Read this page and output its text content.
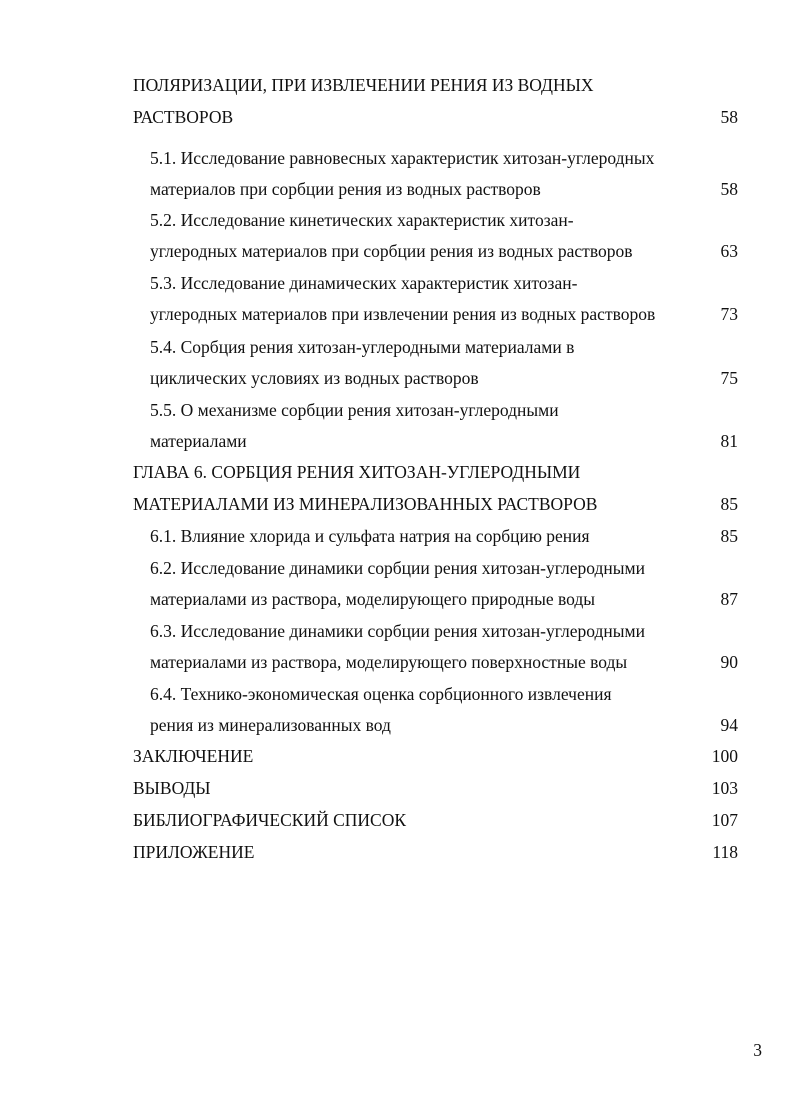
ПОЛЯРИЗАЦИИ, ПРИ ИЗВЛЕЧЕНИИ РЕНИЯ ИЗ ВОДНЫХ
РАСТВОРОВ	58
5.1. Исследование равновесных характеристик хитозан-углеродных
материалов при сорбции рения из водных растворов	58
5.2. Исследование кинетических характеристик хитозан-
углеродных материалов при сорбции рения из водных растворов	63
5.3. Исследование динамических характеристик хитозан-
углеродных материалов при извлечении рения из водных растворов	73
5.4. Сорбция рения хитозан-углеродными материалами в
циклических условиях из водных растворов	75
5.5. О механизме сорбции рения хитозан-углеродными
материалами	81
ГЛАВА 6. СОРБЦИЯ РЕНИЯ ХИТОЗАН-УГЛЕРОДНЫМИ
МАТЕРИАЛАМИ ИЗ МИНЕРАЛИЗОВАННЫХ РАСТВОРОВ	85
6.1. Влияние хлорида и сульфата натрия на сорбцию рения	85
6.2. Исследование динамики сорбции рения хитозан-углеродными
материалами из раствора, моделирующего природные воды	87
6.3. Исследование динамики сорбции рения хитозан-углеродными
материалами из раствора, моделирующего поверхностные воды	90
6.4. Технико-экономическая оценка сорбционного извлечения
рения из минерализованных вод	94
ЗАКЛЮЧЕНИЕ	100
ВЫВОДЫ	103
БИБЛИОГРАФИЧЕСКИЙ СПИСОК	107
ПРИЛОЖЕНИЕ	118
3
